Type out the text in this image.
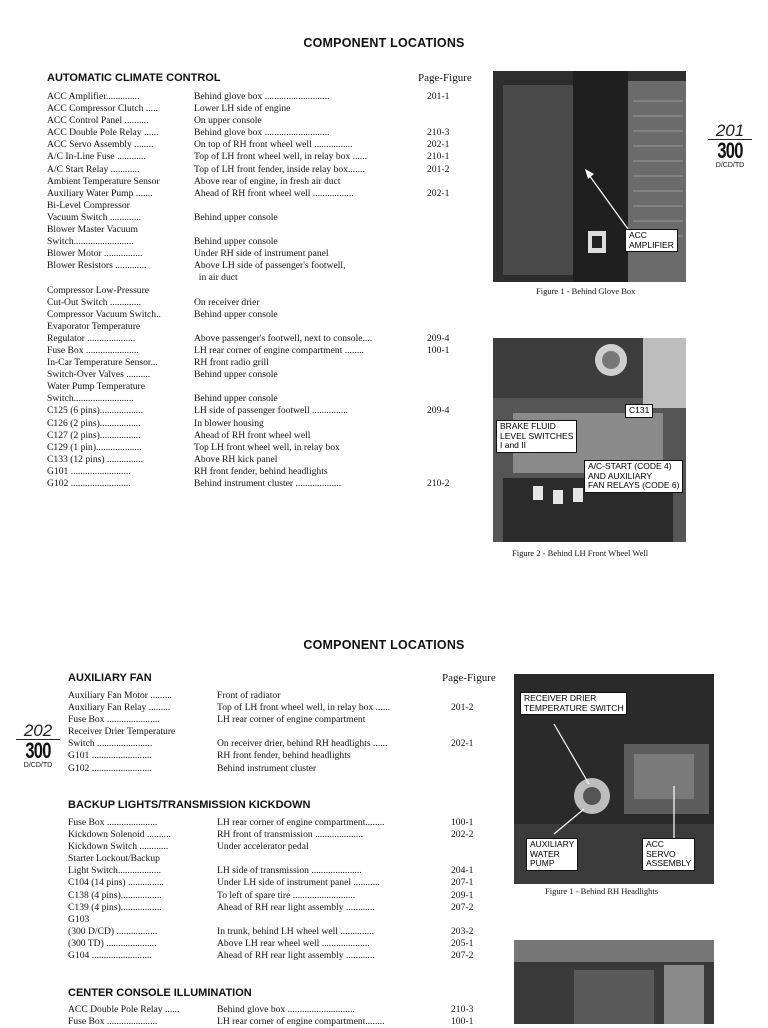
COMPONENT LOCATIONS
AUTOMATIC CLIMATE CONTROL	Page-Figure
ACC Amplifier..............	Behind glove box ...........................	201-1
ACC Compressor Clutch .....	Lower LH side of engine
ACC Control Panel ..........	On upper console
ACC Double Pole Relay ......	Behind glove box ...........................	210-3
ACC Servo Assembly ........	On top of RH front wheel well ................	202-1
A/C In-Line Fuse ............	Top of LH front wheel well, in relay box ......	210-1
A/C Start Relay ............	Top of LH front fender, inside relay box.......	201-2
Ambient Temperature Sensor	Above rear of engine, in fresh air duct
Auxiliary Water Pump .......	Ahead of RH front wheel well .................	202-1
Bi-Level Compressor
Vacuum Switch .............	Behind upper console
Blower Master Vacuum
Switch.........................	Behind upper console
Blower Motor ................	Under RH side of instrument panel
Blower Resistors .............	Above LH side of passenger's footwell,
in air duct
Compressor Low-Pressure
Cut-Out Switch .............	On receiver drier
Compressor Vacuum Switch..	Behind upper console
Evaporator Temperature
Regulator ....................	Above passenger's footwell, next to console....	209-4
Fuse Box ......................	LH rear corner of engine compartment ........	100-1
In-Car Temperature Sensor...	RH front radio grill
Switch-Over Valves ..........	Behind upper console
Water Pump Temperature
Switch.........................	Behind upper console
C125 (6 pins)..................	LH side of passenger footwell ...............	209-4
C126 (2 pins).................	In blower housing
C127 (2 pins).................	Ahead of RH front wheel well
C129 (1 pin)...................	Top LH front wheel well, in relay box
C133 (12 pins) ...............	Above RH kick panel
G101 .........................	RH front fender, behind headlights
G102 .........................	Behind instrument cluster ...................	210-2
201
300
D/CD/TD
ACC
AMPLIFIER
Figure 1 - Behind Glove Box
C131
BRAKE FLUID
LEVEL SWITCHES
I and II
A/C-START (CODE 4)
AND AUXILIARY
FAN RELAYS (CODE 6)
Figure 2 - Behind LH Front Wheel Well
COMPONENT LOCATIONS
Page-Figure
AUXILIARY FAN
Auxiliary Fan Motor .........	Front of radiator
Auxiliary Fan Relay .........	Top of LH front wheel well, in relay box ......	201-2
Fuse Box ......................	LH rear corner of engine compartment
Receiver Drier Temperature
Switch .......................	On receiver drier, behind RH headlights ......	202-1
G101 .........................	RH front fender, behind headlights
G102 .........................	Behind instrument cluster
BACKUP LIGHTS/TRANSMISSION KICKDOWN
Fuse Box .....................	LH rear corner of engine compartment........	100-1
Kickdown Solenoid ..........	RH front of transmission ....................	202-2
Kickdown Switch ............	Under accelerator pedal
Starter Lockout/Backup
Light Switch..................	LH side of transmission .....................	204-1
C104 (14 pins) ...............	Under LH side of instrument panel ...........	207-1
C138 (4 pins).................	To left of spare tire ..........................	209-1
C139 (4 pins).................	Ahead of RH rear light assembly ............	207-2
G103
(300 D/CD) .................	In trunk, behind LH wheel well ..............	203-2
(300 TD) .....................	Above LH rear wheel well ....................	205-1
G104 .........................	Ahead of RH rear light assembly ............	207-2
CENTER CONSOLE ILLUMINATION
ACC Double Pole Relay ......	Behind glove box ............................	210-3
Fuse Box .....................	LH rear corner of engine compartment........	100-1
202
300
D/CD/TD
RECEIVER DRIER
TEMPERATURE SWITCH
AUXILIARY
WATER
PUMP
ACC
SERVO
ASSEMBLY
Figure 1 - Behind RH Headlights
